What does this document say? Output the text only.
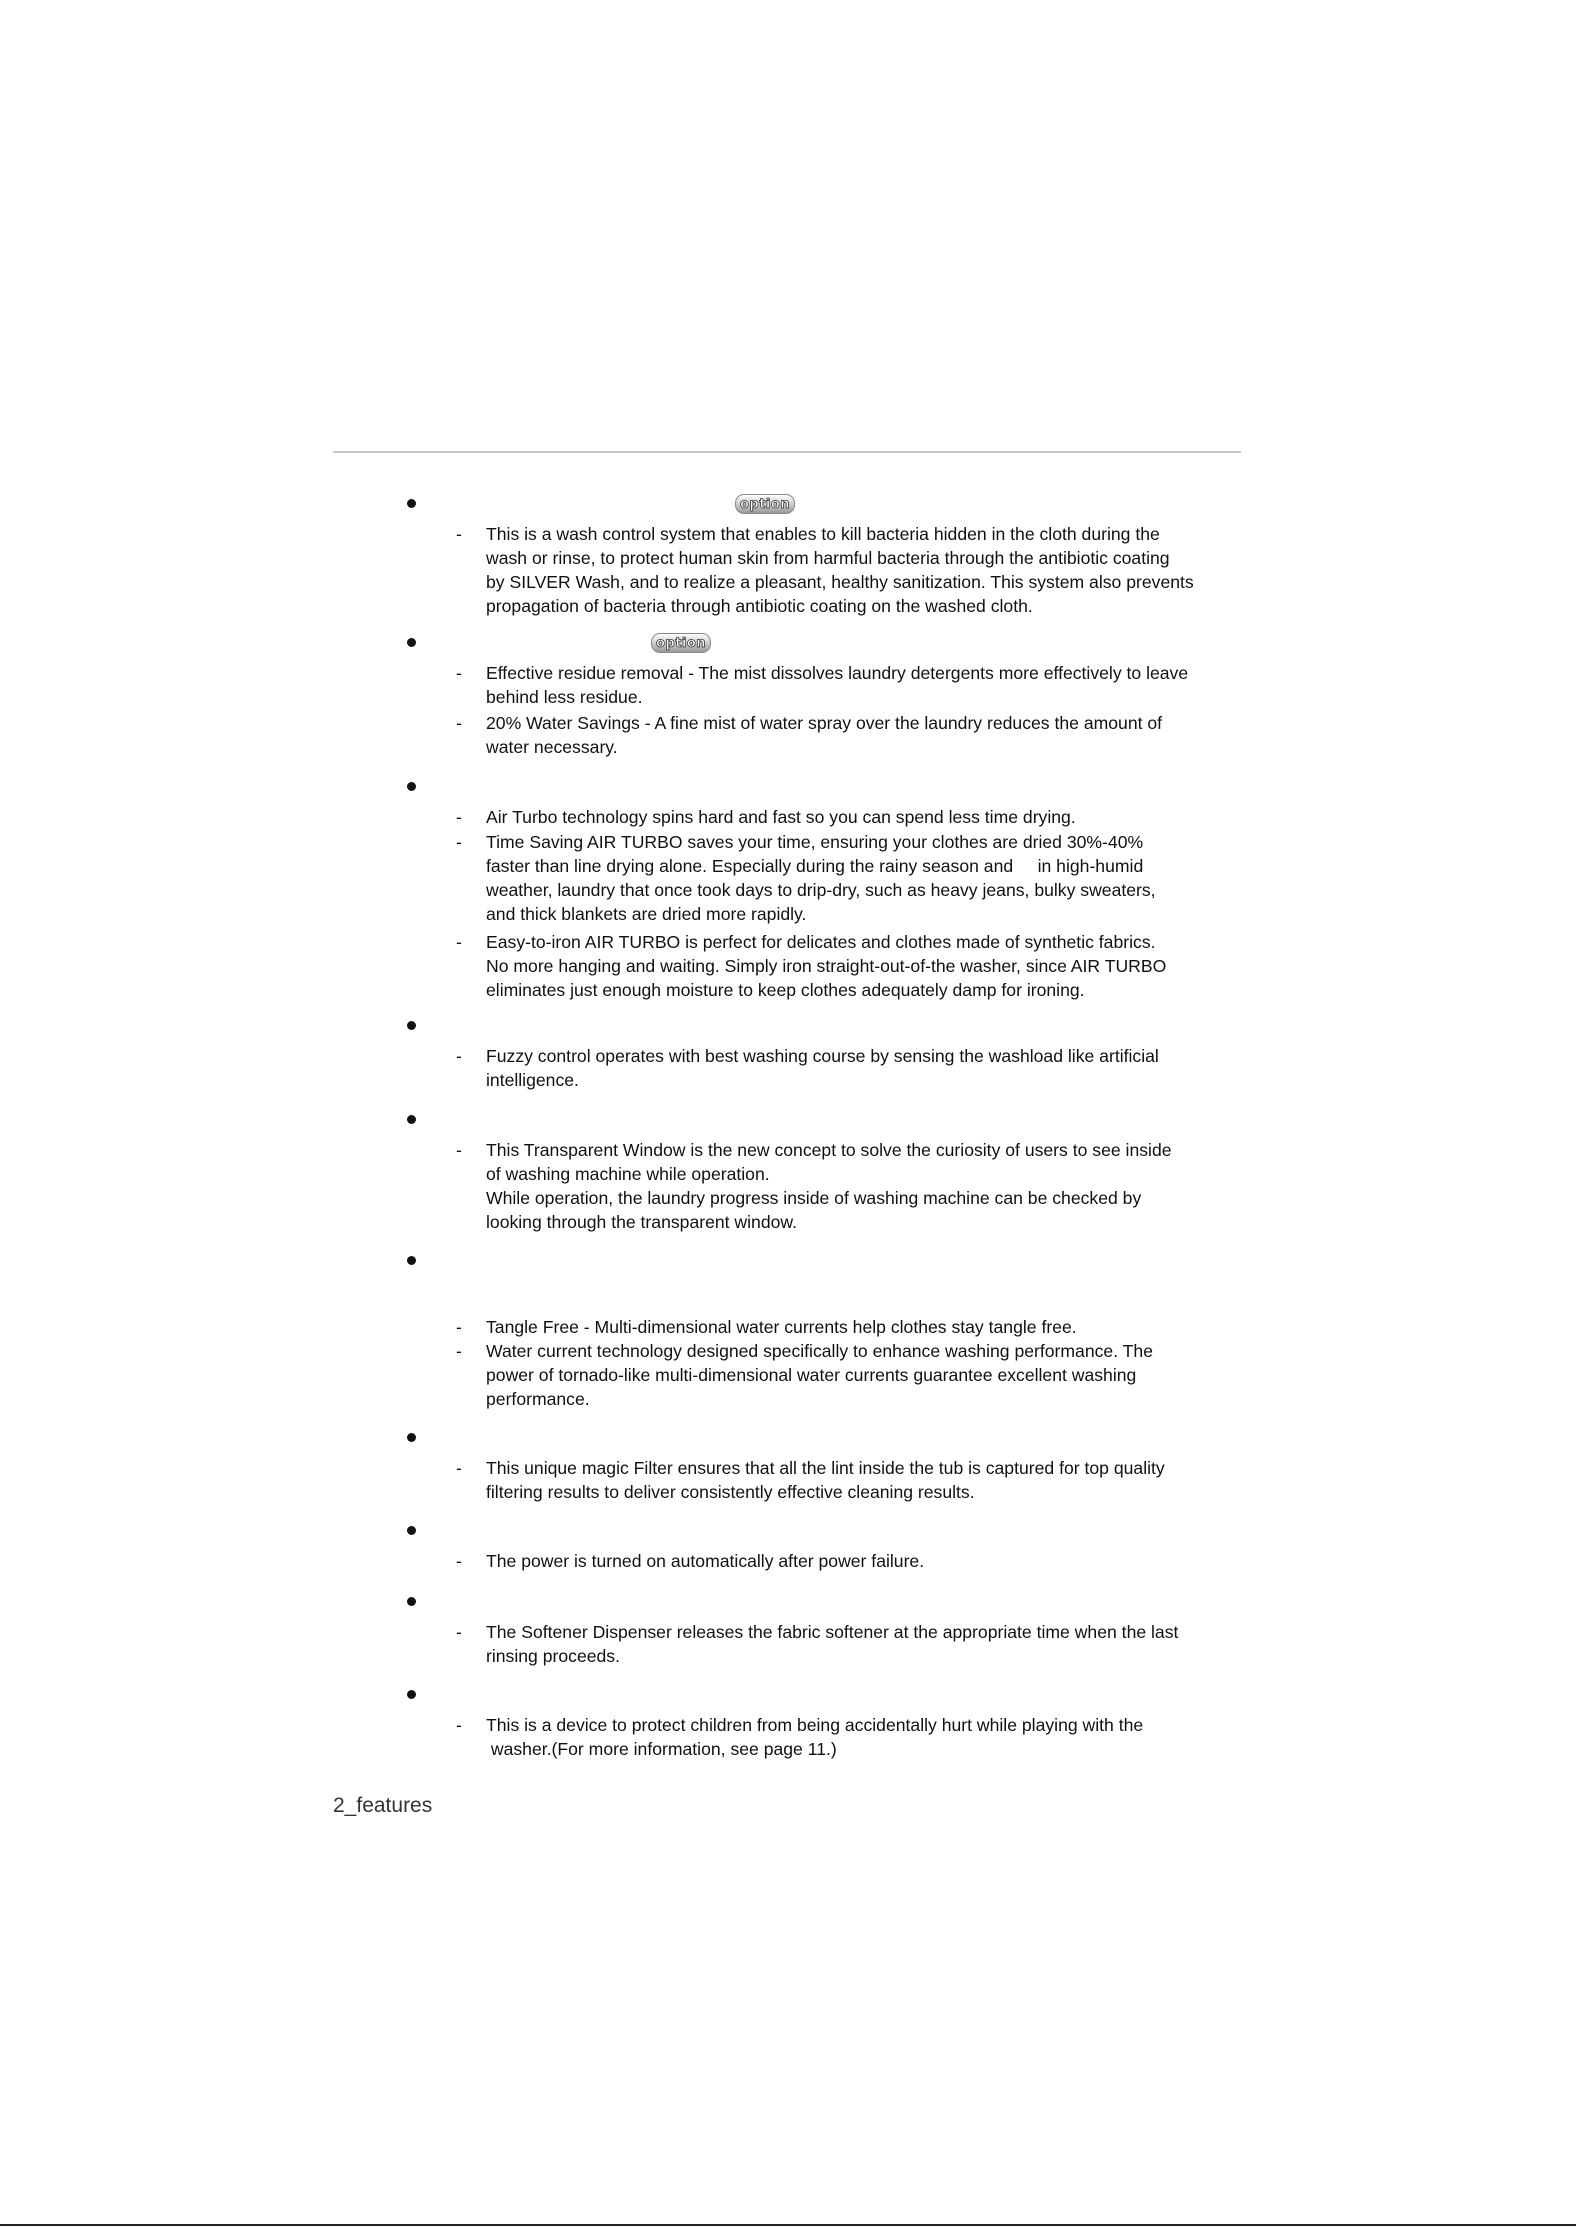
option
- This is a wash control system that enables to kill bacteria hidden in the cloth during the
wash or rinse, to protect human skin from harmful bacteria through the antibiotic coating
by SILVER Wash, and to realize a pleasant, healthy sanitization. This system also prevents
propagation of bacteria through antibiotic coating on the washed cloth.
option
- Effective residue removal - The mist dissolves laundry detergents more effectively to leave
behind less residue.
- 20% Water Savings - A fine mist of water spray over the laundry reduces the amount of
water necessary.
- Air Turbo technology spins hard and fast so you can spend less time drying.
- Time Saving AIR TURBO saves your time, ensuring your clothes are dried 30%-40%
faster than line drying alone. Especially during the rainy season and     in high-humid
weather, laundry that once took days to drip-dry, such as heavy jeans, bulky sweaters,
and thick blankets are dried more rapidly.
- Easy-to-iron AIR TURBO is perfect for delicates and clothes made of synthetic fabrics.
No more hanging and waiting. Simply iron straight-out-of-the washer, since AIR TURBO
eliminates just enough moisture to keep clothes adequately damp for ironing.
- Fuzzy control operates with best washing course by sensing the washload like artificial
intelligence.
- This Transparent Window is the new concept to solve the curiosity of users to see inside
of washing machine while operation.
While operation, the laundry progress inside of washing machine can be checked by
looking through the transparent window.
- Tangle Free - Multi-dimensional water currents help clothes stay tangle free.
- Water current technology designed specifically to enhance washing performance. The
power of tornado-like multi-dimensional water currents guarantee excellent washing
performance.
- This unique magic Filter ensures that all the lint inside the tub is captured for top quality
filtering results to deliver consistently effective cleaning results.
- The power is turned on automatically after power failure.
- The Softener Dispenser releases the fabric softener at the appropriate time when the last
rinsing proceeds.
- This is a device to protect children from being accidentally hurt while playing with the
washer.(For more information, see page 11.)
2_features
